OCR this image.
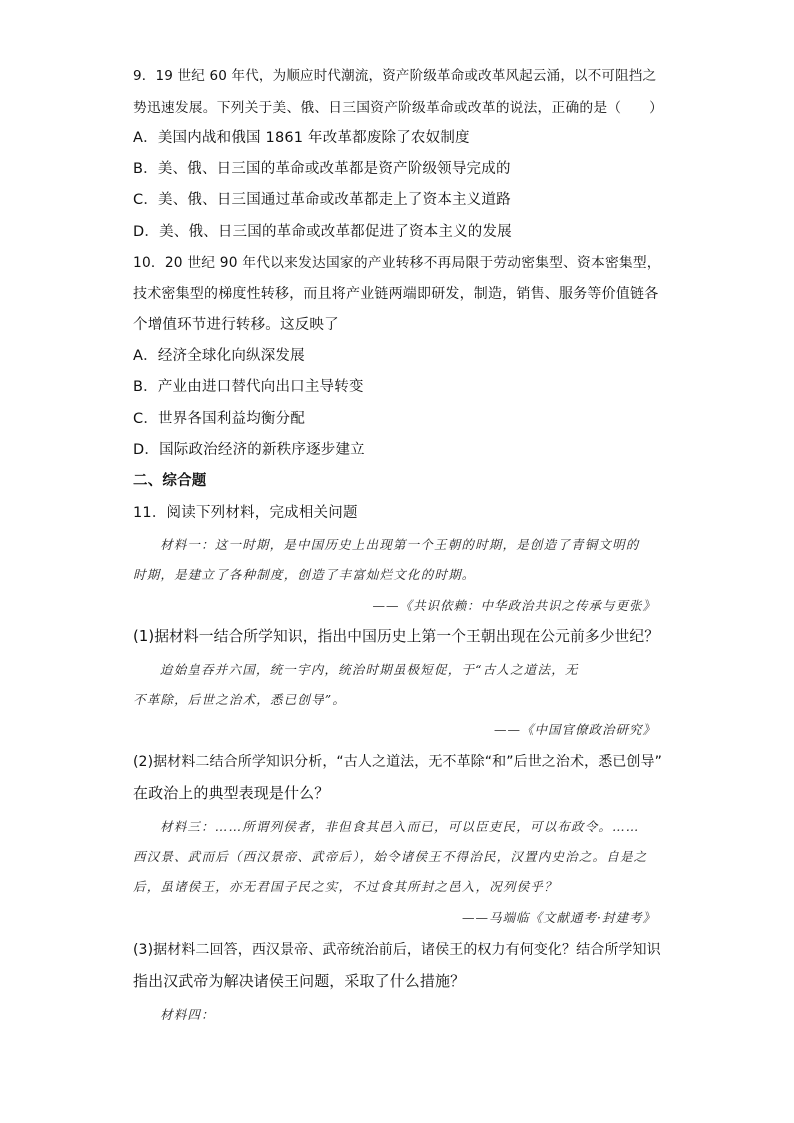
9．19 世纪 60 年代，为顺应时代潮流，资产阶级革命或改革风起云涌，以不可阻挡之
势迅速发展。下列关于美、俄、日三国资产阶级革命或改革的说法，正确的是（　　）
A．美国内战和俄国 1861 年改革都废除了农奴制度
B．美、俄、日三国的革命或改革都是资产阶级领导完成的
C．美、俄、日三国通过革命或改革都走上了资本主义道路
D．美、俄、日三国的革命或改革都促进了资本主义的发展
10．20 世纪 90 年代以来发达国家的产业转移不再局限于劳动密集型、资本密集型，
技术密集型的梯度性转移，而且将产业链两端即研发，制造，销售、服务等价值链各
个增值环节进行转移。这反映了
A．经济全球化向纵深发展
B．产业由进口替代向出口主导转变
C．世界各国利益均衡分配
D．国际政治经济的新秩序逐步建立
二、综合题
11．阅读下列材料，完成相关问题
材料一：这一时期，是中国历史上出现第一个王朝的时期，是创造了青铜文明的
时期，是建立了各种制度，创造了丰富灿烂文化的时期。
——《共识依赖：中华政治共识之传承与更张》
(1)据材料一结合所学知识，指出中国历史上第一个王朝出现在公元前多少世纪？
迨始皇吞并六国，统一宇内，统治时期虽极短促，于“古人之道法，无
不革除，后世之治术，悉已创导”。
——《中国官僚政治研究》
(2)据材料二结合所学知识分析，“古人之道法，无不革除“和”后世之治术，悉已创导”
在政治上的典型表现是什么？
材料三：……所谓列侯者，非但食其邑入而已，可以臣吏民，可以布政令。……
西汉景、武而后（西汉景帝、武帝后），始令诸侯王不得治民，汉置内史治之。自是之
后，虽诸侯王，亦无君国子民之实，不过食其所封之邑入，况列侯乎？
——马端临《文献通考·封建考》
(3)据材料二回答，西汉景帝、武帝统治前后，诸侯王的权力有何变化？结合所学知识
指出汉武帝为解决诸侯王问题，采取了什么措施？
材料四：
